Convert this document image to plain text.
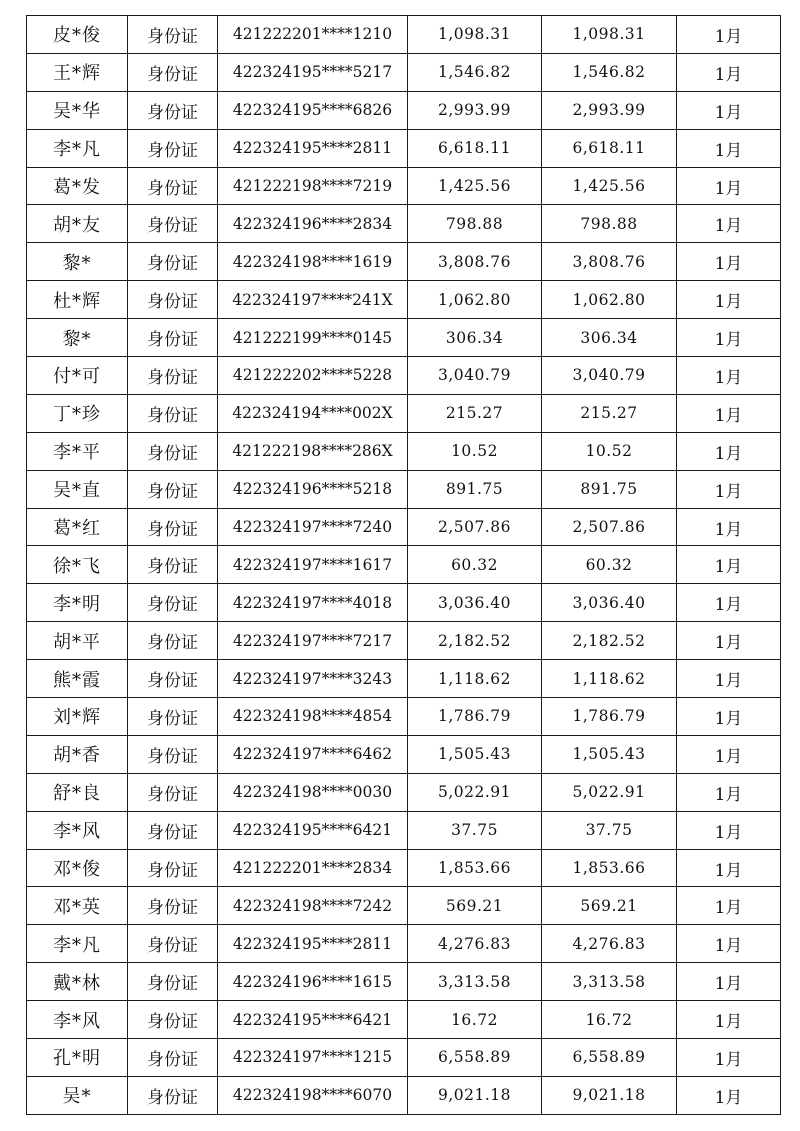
皮*俊	身份证	421222201****1210	1,098.31	1,098.31	1月
王*辉	身份证	422324195****5217	1,546.82	1,546.82	1月
吴*华	身份证	422324195****6826	2,993.99	2,993.99	1月
李*凡	身份证	422324195****2811	6,618.11	6,618.11	1月
葛*发	身份证	421222198****7219	1,425.56	1,425.56	1月
胡*友	身份证	422324196****2834	798.88	798.88	1月
黎*	身份证	422324198****1619	3,808.76	3,808.76	1月
杜*辉	身份证	422324197****241X	1,062.80	1,062.80	1月
黎*	身份证	421222199****0145	306.34	306.34	1月
付*可	身份证	421222202****5228	3,040.79	3,040.79	1月
丁*珍	身份证	422324194****002X	215.27	215.27	1月
李*平	身份证	421222198****286X	10.52	10.52	1月
吴*直	身份证	422324196****5218	891.75	891.75	1月
葛*红	身份证	422324197****7240	2,507.86	2,507.86	1月
徐*飞	身份证	422324197****1617	60.32	60.32	1月
李*明	身份证	422324197****4018	3,036.40	3,036.40	1月
胡*平	身份证	422324197****7217	2,182.52	2,182.52	1月
熊*霞	身份证	422324197****3243	1,118.62	1,118.62	1月
刘*辉	身份证	422324198****4854	1,786.79	1,786.79	1月
胡*香	身份证	422324197****6462	1,505.43	1,505.43	1月
舒*良	身份证	422324198****0030	5,022.91	5,022.91	1月
李*风	身份证	422324195****6421	37.75	37.75	1月
邓*俊	身份证	421222201****2834	1,853.66	1,853.66	1月
邓*英	身份证	422324198****7242	569.21	569.21	1月
李*凡	身份证	422324195****2811	4,276.83	4,276.83	1月
戴*林	身份证	422324196****1615	3,313.58	3,313.58	1月
李*风	身份证	422324195****6421	16.72	16.72	1月
孔*明	身份证	422324197****1215	6,558.89	6,558.89	1月
吴*	身份证	422324198****6070	9,021.18	9,021.18	1月
